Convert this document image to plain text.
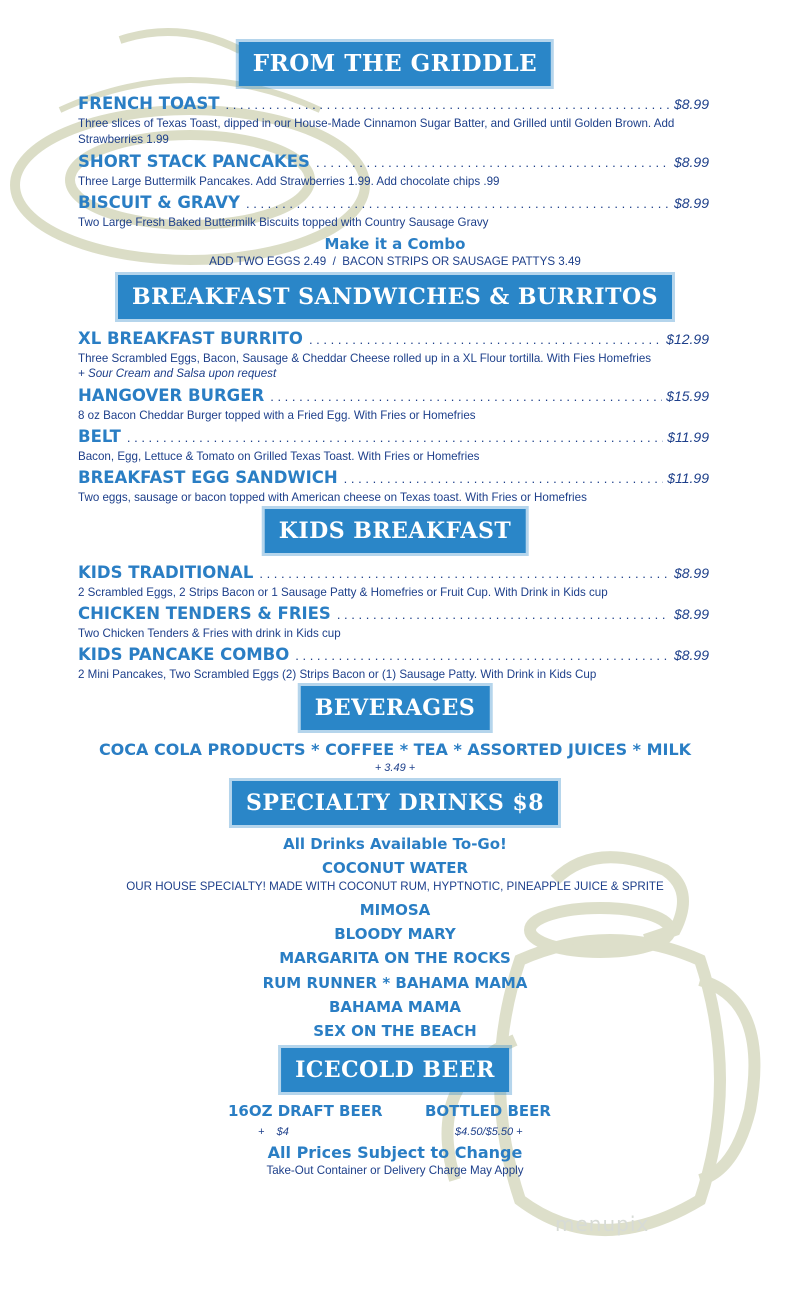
FROM THE GRIDDLE
FRENCH TOAST . . .	$8.99
Three slices of Texas Toast, dipped in our House-Made Cinnamon Sugar Batter, and Grilled until Golden Brown. Add Strawberries 1.99
SHORT STACK PANCAKES . . .	$8.99
Three Large Buttermilk Pancakes. Add Strawberries 1.99. Add chocolate chips .99
BISCUIT & GRAVY . . .	$8.99
Two Large Fresh Baked Buttermilk Biscuits topped with Country Sausage Gravy
Make it a Combo
ADD TWO EGGS 2.49  /  BACON STRIPS OR SAUSAGE PATTYS 3.49
BREAKFAST SANDWICHES & BURRITOS
XL BREAKFAST BURRITO . . .	$12.99
Three Scrambled Eggs, Bacon, Sausage & Cheddar Cheese rolled up in a XL Flour tortilla. With Fies Homefries
+ Sour Cream and Salsa upon request
HANGOVER BURGER . . .	$15.99
8 oz Bacon Cheddar Burger topped with a Fried Egg. With Fries or Homefries
BELT . . .	$11.99
Bacon, Egg, Lettuce & Tomato on Grilled Texas Toast. With Fries or Homefries
BREAKFAST EGG SANDWICH . . .	$11.99
Two eggs, sausage or bacon topped with American cheese on Texas toast. With Fries or Homefries
KIDS BREAKFAST
KIDS TRADITIONAL . . .	$8.99
2 Scrambled Eggs, 2 Strips Bacon or 1 Sausage Patty & Homefries or Fruit Cup. With Drink in Kids cup
CHICKEN TENDERS & FRIES . . .	$8.99
Two Chicken Tenders & Fries with drink in Kids cup
KIDS PANCAKE COMBO . . .	$8.99
2 Mini Pancakes, Two Scrambled Eggs (2) Strips Bacon or (1) Sausage Patty. With Drink in Kids Cup
BEVERAGES
COCA COLA PRODUCTS * COFFEE * TEA * ASSORTED JUICES * MILK
+ 3.49 +
SPECIALTY DRINKS $8
All Drinks Available To-Go!
COCONUT WATER
OUR HOUSE SPECIALTY! MADE WITH COCONUT RUM, HYPTNOTIC, PINEAPPLE JUICE & SPRITE
MIMOSA
BLOODY MARY
MARGARITA ON THE ROCKS
RUM RUNNER * BAHAMA MAMA
BAHAMA MAMA
SEX ON THE BEACH
ICECOLD BEER
16OZ DRAFT BEER
+    $4
BOTTLED BEER
$4.50/$5.50 +
All Prices Subject to Change
Take-Out Container or Delivery Charge May Apply
menupix
